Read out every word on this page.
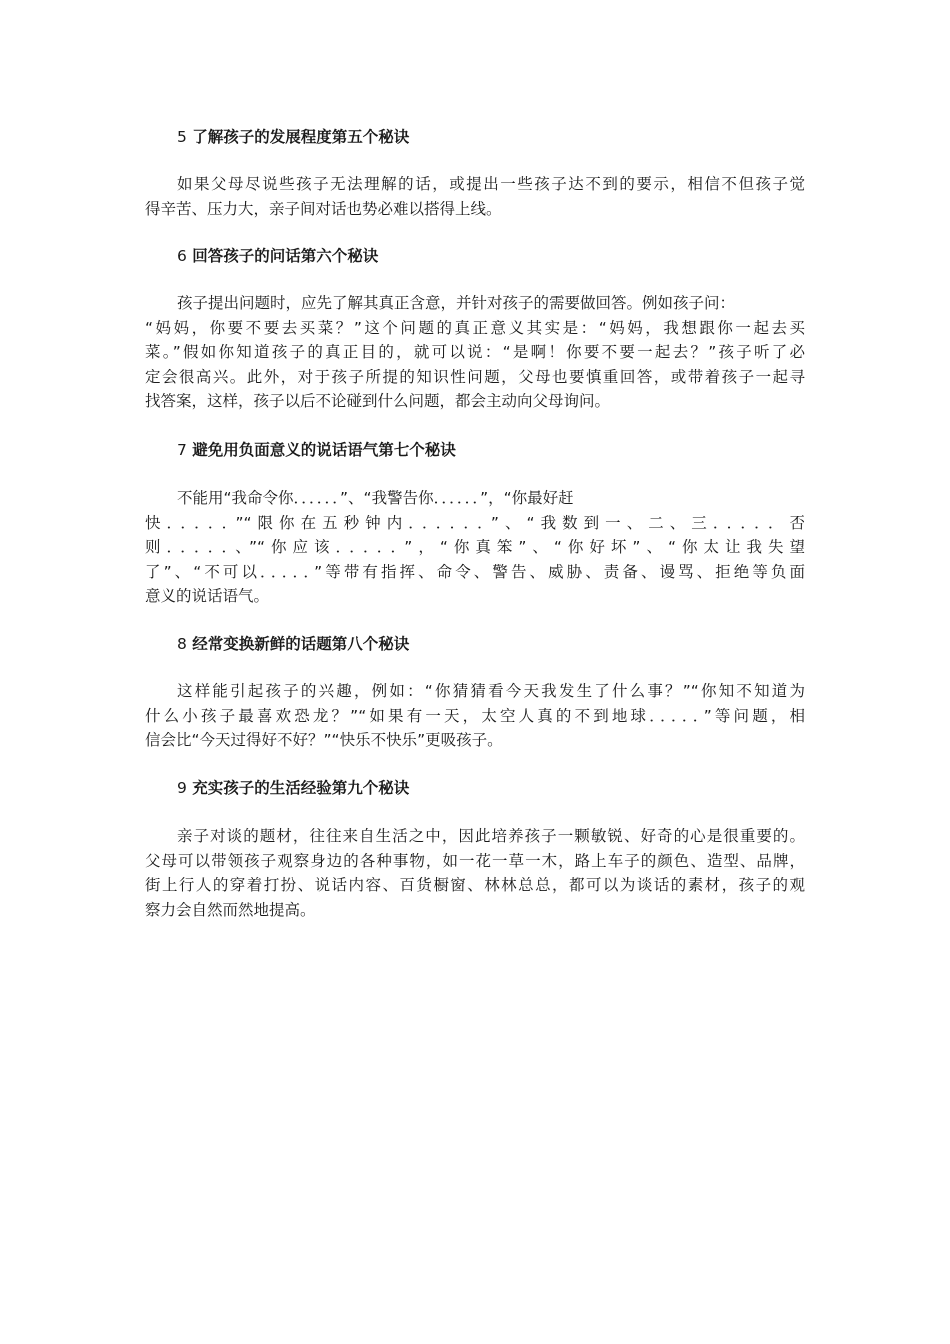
5 了解孩子的发展程度第五个秘诀

如果父母尽说些孩子无法理解的话，或提出一些孩子达不到的要示，相信不但孩子觉
得辛苦、压力大，亲子间对话也势必难以搭得上线。

6 回答孩子的问话第六个秘诀

孩子提出问题时，应先了解其真正含意，并针对孩子的需要做回答。例如孩子问：
“妈妈，你要不要去买菜？”这个问题的真正意义其实是：“妈妈，我想跟你一起去买
菜。”假如你知道孩子的真正目的，就可以说：“是啊！你要不要一起去？”孩子听了必
定会很高兴。此外，对于孩子所提的知识性问题，父母也要慎重回答，或带着孩子一起寻
找答案，这样，孩子以后不论碰到什么问题，都会主动向父母询问。

7 避免用负面意义的说话语气第七个秘诀

不能用“我命令你．．．．．．”、“我警告你．．．．．．”，“你最好赶
快．．．．．”“限你在五秒钟内．．．．．．”、“我数到一、二、三．．．．．否
则．．．．．、”“你应该．．．．．”，“你真笨”、“你好坏”、“你太让我失望
了”、“不可以．．．．．”等带有指挥、命令、警告、威胁、责备、谩骂、拒绝等负面
意义的说话语气。

8 经常变换新鲜的话题第八个秘诀

这样能引起孩子的兴趣，例如：“你猜猜看今天我发生了什么事？”“你知不知道为
什么小孩子最喜欢恐龙？”“如果有一天，太空人真的不到地球．．．．．”等问题，相
信会比“今天过得好不好？”“快乐不快乐”更吸孩子。

9 充实孩子的生活经验第九个秘诀

亲子对谈的题材，往往来自生活之中，因此培养孩子一颗敏锐、好奇的心是很重要的。
父母可以带领孩子观察身边的各种事物，如一花一草一木，路上车子的颜色、造型、品牌，
街上行人的穿着打扮、说话内容、百货橱窗、林林总总，都可以为谈话的素材，孩子的观
察力会自然而然地提高。
